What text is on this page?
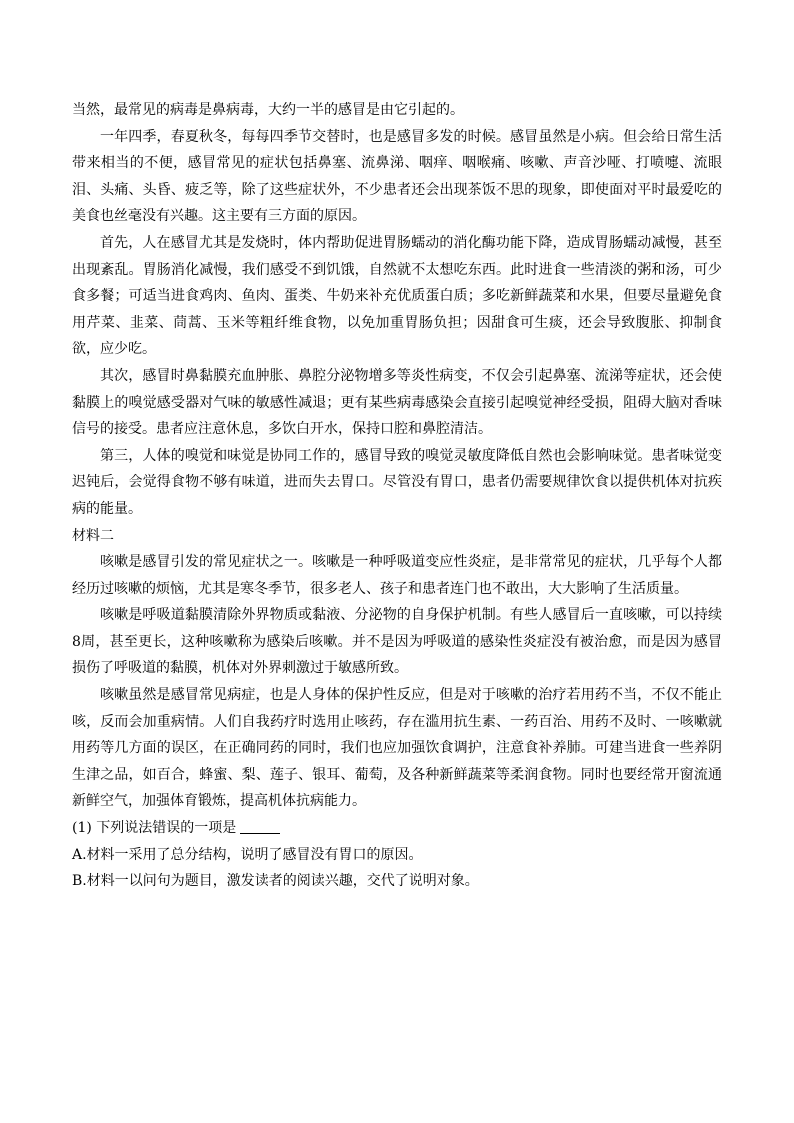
当然，最常见的病毒是鼻病毒，大约一半的感冒是由它引起的。

一年四季，春夏秋冬，每每四季节交替时，也是感冒多发的时候。感冒虽然是小病。但会给日常生活带来相当的不便，感冒常见的症状包括鼻塞、流鼻涕、咽痒、咽喉痛、咳嗽、声音沙哑、打喷嚏、流眼泪、头痛、头昏、疲乏等，除了这些症状外，不少患者还会出现茶饭不思的现象，即使面对平时最爱吃的美食也丝毫没有兴趣。这主要有三方面的原因。

首先，人在感冒尤其是发烧时，体内帮助促进胃肠蠕动的消化酶功能下降，造成胃肠蠕动减慢，甚至出现紊乱。胃肠消化减慢，我们感受不到饥饿，自然就不太想吃东西。此时进食一些清淡的粥和汤，可少食多餐；可适当进食鸡肉、鱼肉、蛋类、牛奶来补充优质蛋白质；多吃新鲜蔬菜和水果，但要尽量避免食用芹菜、韭菜、茼蒿、玉米等粗纤维食物，以免加重胃肠负担；因甜食可生痰，还会导致腹胀、抑制食欲，应少吃。

其次，感冒时鼻黏膜充血肿胀、鼻腔分泌物增多等炎性病变，不仅会引起鼻塞、流涕等症状，还会使黏膜上的嗅觉感受器对气味的敏感性减退；更有某些病毒感染会直接引起嗅觉神经受损，阻碍大脑对香味信号的接受。患者应注意休息，多饮白开水，保持口腔和鼻腔清洁。

第三，人体的嗅觉和味觉是协同工作的，感冒导致的嗅觉灵敏度降低自然也会影响味觉。患者味觉变迟钝后，会觉得食物不够有味道，进而失去胃口。尽管没有胃口，患者仍需要规律饮食以提供机体对抗疾病的能量。

材料二

咳嗽是感冒引发的常见症状之一。咳嗽是一种呼吸道变应性炎症，是非常常见的症状，几乎每个人都经历过咳嗽的烦恼，尤其是寒冬季节，很多老人、孩子和患者连门也不敢出，大大影响了生活质量。

咳嗽是呼吸道黏膜清除外界物质或黏液、分泌物的自身保护机制。有些人感冒后一直咳嗽，可以持续8周，甚至更长，这种咳嗽称为感染后咳嗽。并不是因为呼吸道的感染性炎症没有被治愈，而是因为感冒损伤了呼吸道的黏膜，机体对外界刺激过于敏感所致。

咳嗽虽然是感冒常见病症，也是人身体的保护性反应，但是对于咳嗽的治疗若用药不当，不仅不能止咳，反而会加重病情。人们自我药疗时选用止咳药，存在滥用抗生素、一药百治、用药不及时、一咳嗽就用药等几方面的误区，在正确同药的同时，我们也应加强饮食调护，注意食补养肺。可建当进食一些养阴生津之品，如百合，蜂蜜、梨、莲子、银耳、葡萄，及各种新鲜蔬菜等柔润食物。同时也要经常开窗流通新鲜空气，加强体育锻炼，提高机体抗病能力。

(1) 下列说法错误的一项是

A.材料一采用了总分结构，说明了感冒没有胃口的原因。

B.材料一以问句为题目，激发读者的阅读兴趣，交代了说明对象。
